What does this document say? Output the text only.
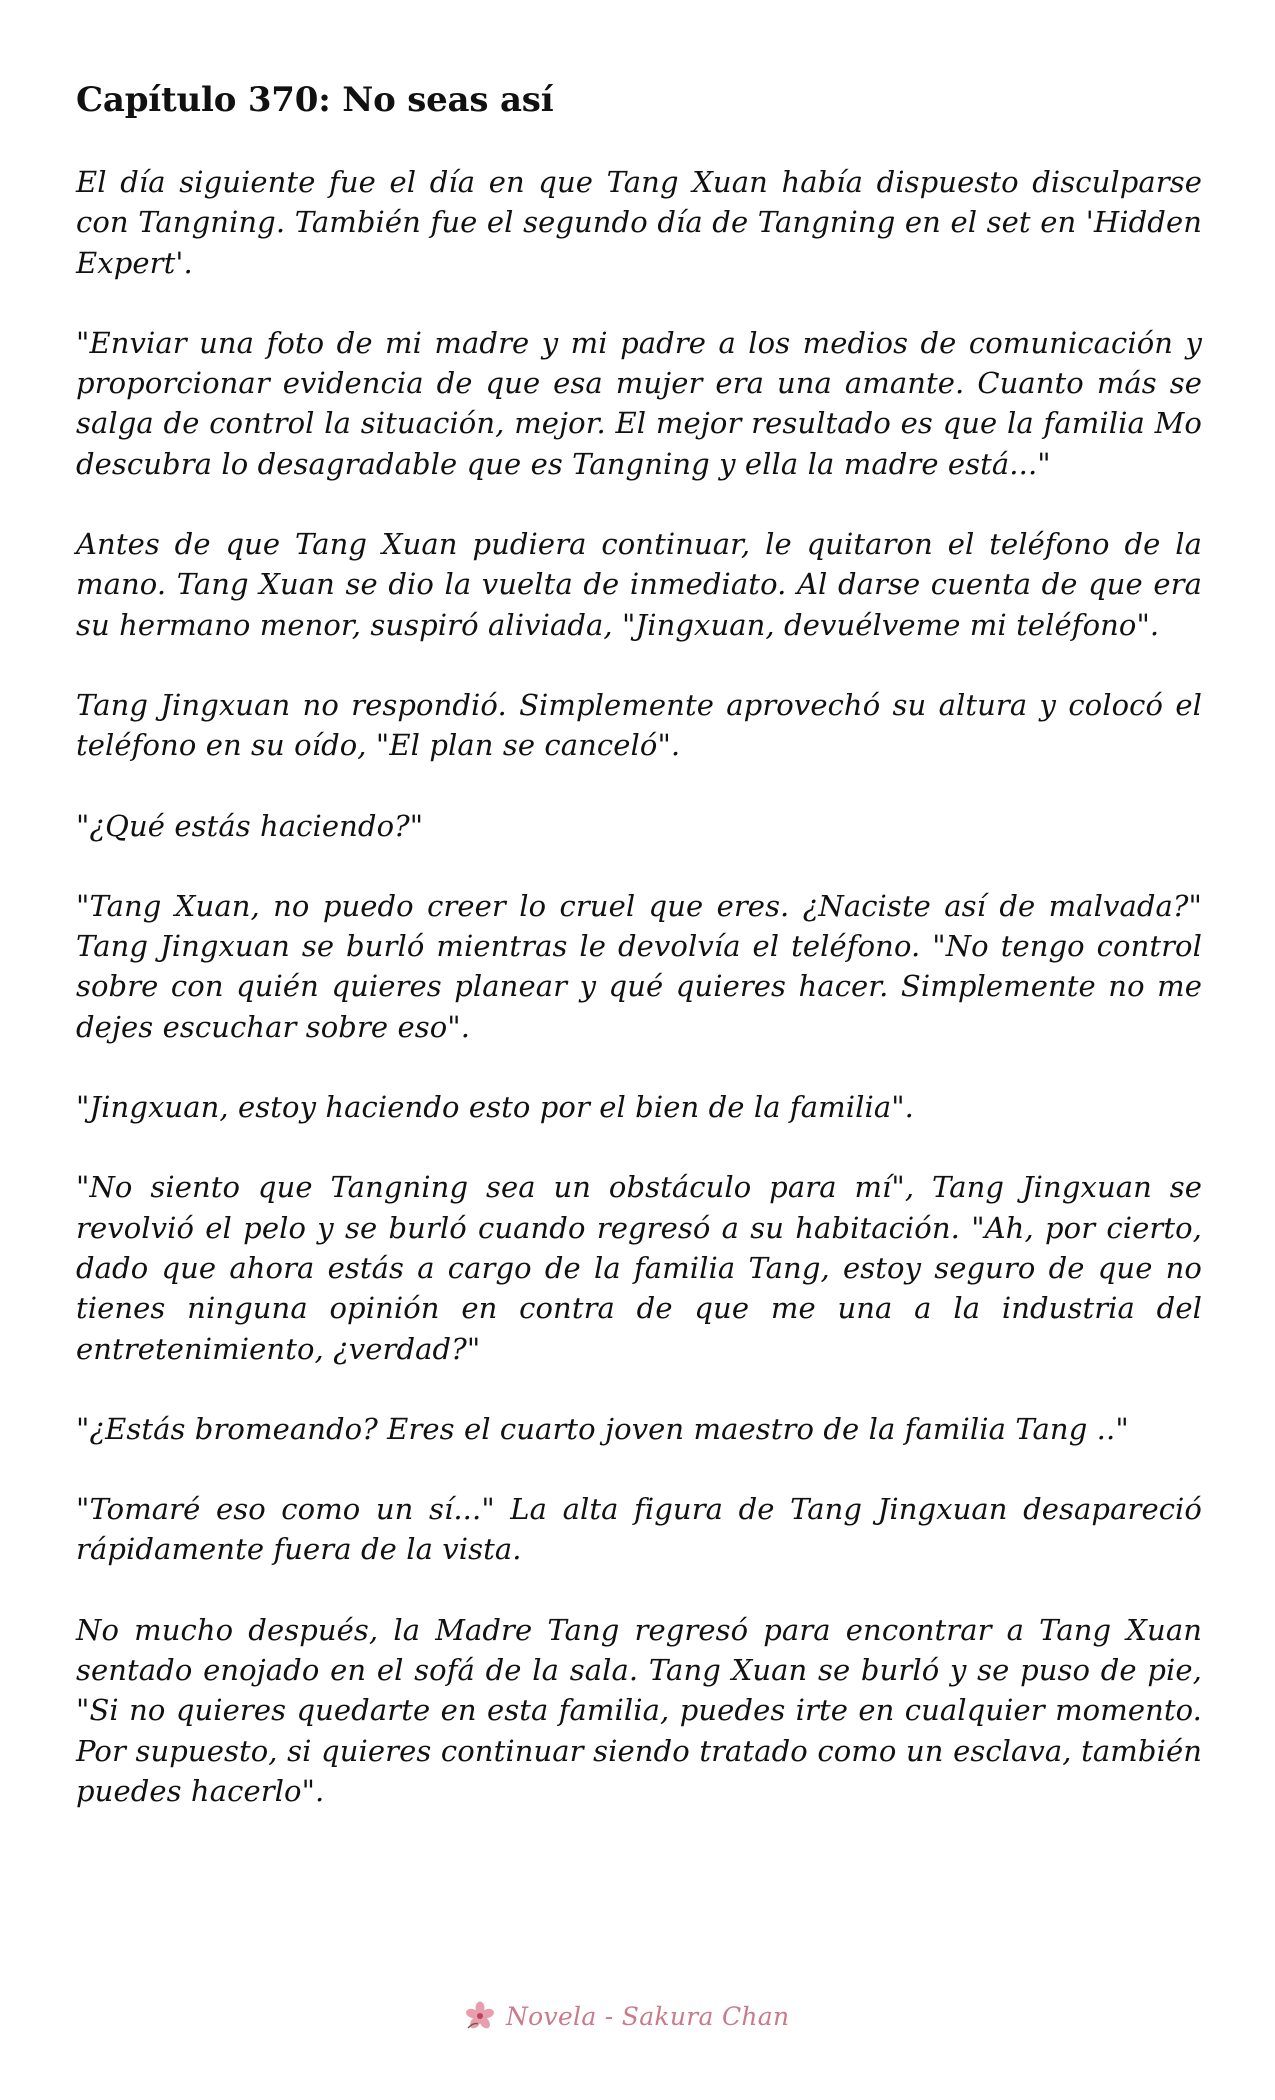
Capítulo 370: No seas así

El día siguiente fue el día en que Tang Xuan había dispuesto disculparse con Tangning. También fue el segundo día de Tangning en el set en 'Hidden Expert'.

"Enviar una foto de mi madre y mi padre a los medios de comunicación y proporcionar evidencia de que esa mujer era una amante. Cuanto más se salga de control la situación, mejor. El mejor resultado es que la familia Mo descubra lo desagradable que es Tangning y ella la madre está..."

Antes de que Tang Xuan pudiera continuar, le quitaron el teléfono de la mano. Tang Xuan se dio la vuelta de inmediato. Al darse cuenta de que era su hermano menor, suspiró aliviada, "Jingxuan, devuélveme mi teléfono".

Tang Jingxuan no respondió. Simplemente aprovechó su altura y colocó el teléfono en su oído, "El plan se canceló".

"¿Qué estás haciendo?"

"Tang Xuan, no puedo creer lo cruel que eres. ¿Naciste así de malvada?" Tang Jingxuan se burló mientras le devolvía el teléfono. "No tengo control sobre con quién quieres planear y qué quieres hacer. Simplemente no me dejes escuchar sobre eso".

"Jingxuan, estoy haciendo esto por el bien de la familia".

"No siento que Tangning sea un obstáculo para mí", Tang Jingxuan se revolvió el pelo y se burló cuando regresó a su habitación. "Ah, por cierto, dado que ahora estás a cargo de la familia Tang, estoy seguro de que no tienes ninguna opinión en contra de que me una a la industria del entretenimiento, ¿verdad?"

"¿Estás bromeando? Eres el cuarto joven maestro de la familia Tang .."

"Tomaré eso como un sí..." La alta figura de Tang Jingxuan desapareció rápidamente fuera de la vista.

No mucho después, la Madre Tang regresó para encontrar a Tang Xuan sentado enojado en el sofá de la sala. Tang Xuan se burló y se puso de pie, "Si no quieres quedarte en esta familia, puedes irte en cualquier momento. Por supuesto, si quieres continuar siendo tratado como un esclava, también puedes hacerlo".

Novela - Sakura Chan
